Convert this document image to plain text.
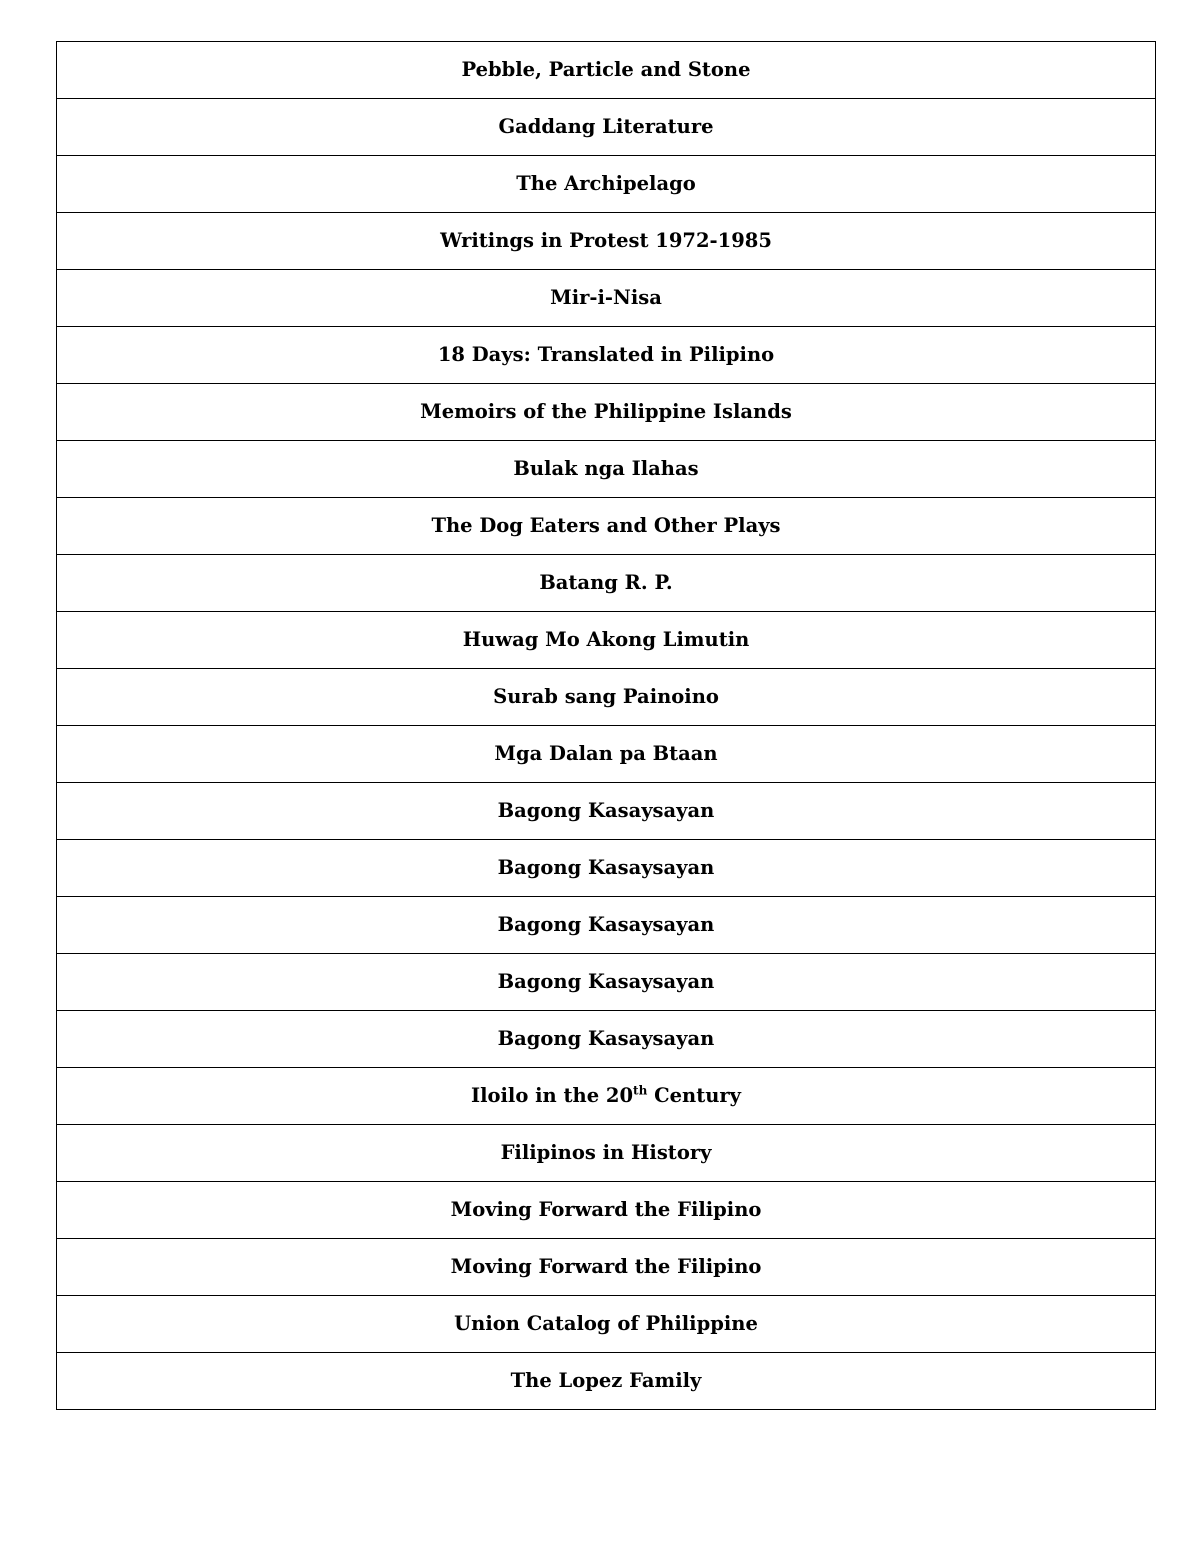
Pebble, Particle and Stone
Gaddang Literature
The Archipelago
Writings in Protest 1972-1985
Mir-i-Nisa
18 Days: Translated in Pilipino
Memoirs of the Philippine Islands
Bulak nga Ilahas
The Dog Eaters and Other Plays
Batang R. P.
Huwag Mo Akong Limutin
Surab sang Painoino
Mga Dalan pa Btaan
Bagong Kasaysayan
Bagong Kasaysayan
Bagong Kasaysayan
Bagong Kasaysayan
Bagong Kasaysayan
Iloilo in the 20th Century
Filipinos in History
Moving Forward the Filipino
Moving Forward the Filipino
Union Catalog of Philippine
The Lopez Family
